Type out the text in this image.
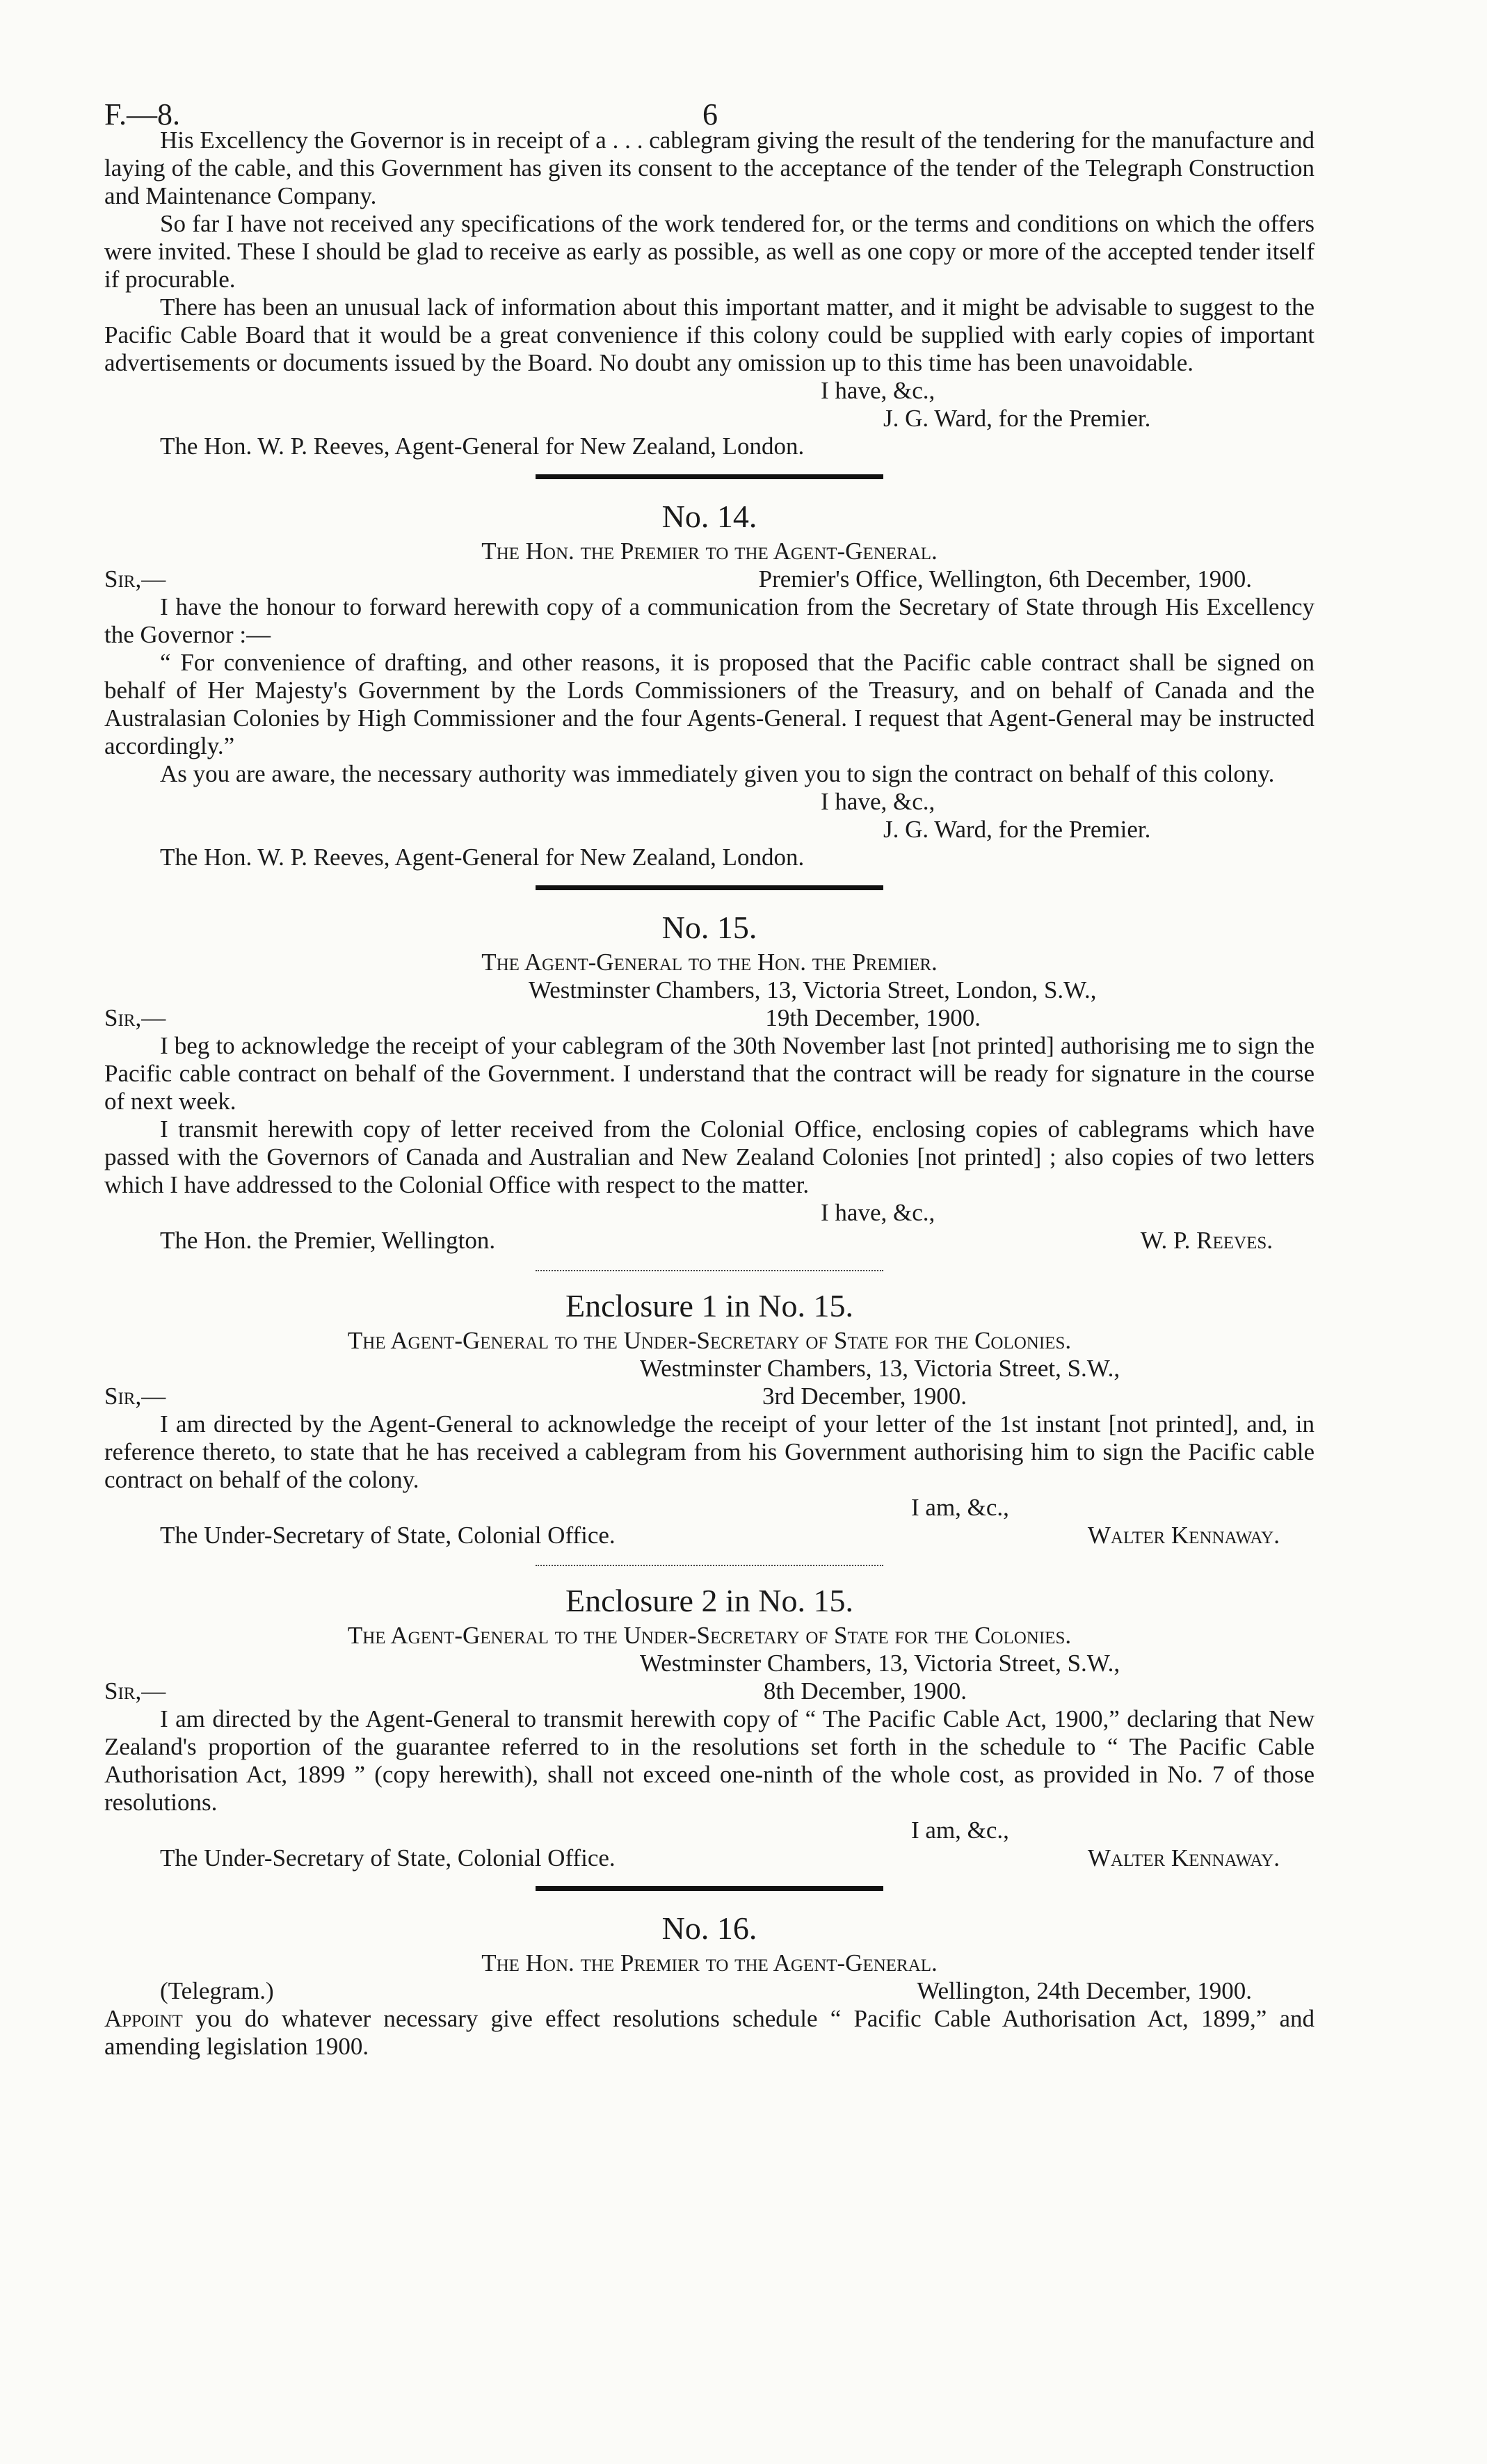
F.—8.	6

His Excellency the Governor is in receipt of a . . . cablegram giving the result of the tendering for the manufacture and laying of the cable, and this Government has given its consent to the acceptance of the tender of the Telegraph Construction and Maintenance Company.

So far I have not received any specifications of the work tendered for, or the terms and conditions on which the offers were invited. These I should be glad to receive as early as possible, as well as one copy or more of the accepted tender itself if procurable.

There has been an unusual lack of information about this important matter, and it might be advisable to suggest to the Pacific Cable Board that it would be a great convenience if this colony could be supplied with early copies of important advertisements or documents issued by the Board. No doubt any omission up to this time has been unavoidable.

I have, &c.,

J. G. Ward, for the Premier.

The Hon. W. P. Reeves, Agent-General for New Zealand, London.

No. 14.

The Hon. the Premier to the Agent-General.

Sir,—	Premier's Office, Wellington, 6th December, 1900.

I have the honour to forward herewith copy of a communication from the Secretary of State through His Excellency the Governor :—

“ For convenience of drafting, and other reasons, it is proposed that the Pacific cable contract shall be signed on behalf of Her Majesty's Government by the Lords Commissioners of the Treasury, and on behalf of Canada and the Australasian Colonies by High Commissioner and the four Agents-General. I request that Agent-General may be instructed accordingly.”

As you are aware, the necessary authority was immediately given you to sign the contract on behalf of this colony.

I have, &c.,

J. G. Ward, for the Premier.

The Hon. W. P. Reeves, Agent-General for New Zealand, London.

No. 15.

The Agent-General to the Hon. the Premier.

Westminster Chambers, 13, Victoria Street, London, S.W.,

Sir,—	19th December, 1900.

I beg to acknowledge the receipt of your cablegram of the 30th November last [not printed] authorising me to sign the Pacific cable contract on behalf of the Government. I understand that the contract will be ready for signature in the course of next week.

I transmit herewith copy of letter received from the Colonial Office, enclosing copies of cablegrams which have passed with the Governors of Canada and Australian and New Zealand Colonies [not printed] ; also copies of two letters which I have addressed to the Colonial Office with respect to the matter.

I have, &c.,

The Hon. the Premier, Wellington.	W. P. Reeves.
Enclosure 1 in No. 15.

The Agent-General to the Under-Secretary of State for the Colonies.

Westminster Chambers, 13, Victoria Street, S.W.,

Sir,—	3rd December, 1900.

I am directed by the Agent-General to acknowledge the receipt of your letter of the 1st instant [not printed], and, in reference thereto, to state that he has received a cablegram from his Government authorising him to sign the Pacific cable contract on behalf of the colony.

I am, &c.,

The Under-Secretary of State, Colonial Office.	Walter Kennaway.
Enclosure 2 in No. 15.

The Agent-General to the Under-Secretary of State for the Colonies.

Westminster Chambers, 13, Victoria Street, S.W.,

Sir,—	8th December, 1900.

I am directed by the Agent-General to transmit herewith copy of “ The Pacific Cable Act, 1900,” declaring that New Zealand's proportion of the guarantee referred to in the resolutions set forth in the schedule to “ The Pacific Cable Authorisation Act, 1899 ” (copy herewith), shall not exceed one-ninth of the whole cost, as provided in No. 7 of those resolutions.

I am, &c.,

The Under-Secretary of State, Colonial Office.	Walter Kennaway.
No. 16.

The Hon. the Premier to the Agent-General.

(Telegram.)	Wellington, 24th December, 1900.

Appoint you do whatever necessary give effect resolutions schedule “ Pacific Cable Authorisation Act, 1899,” and amending legislation 1900.
